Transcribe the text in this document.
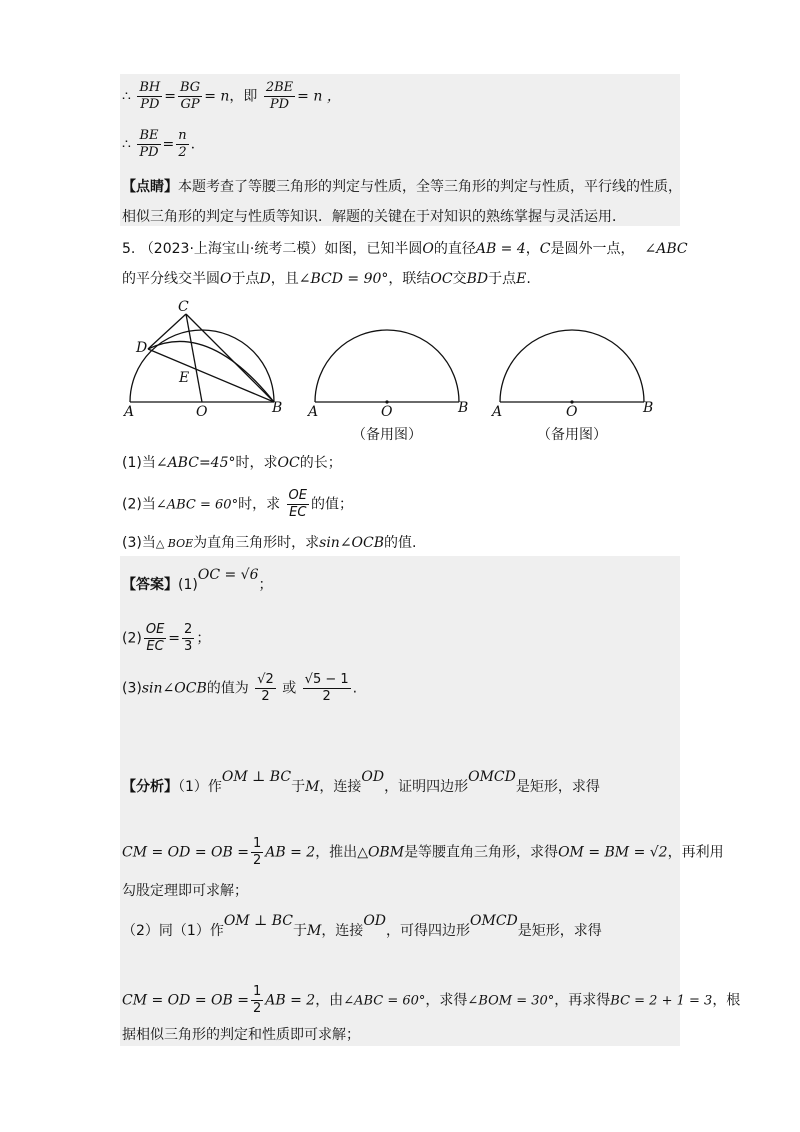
∴ $\frac{BH}{PD} = \frac{BG}{GP} = n$，即 $\frac{2BE}{PD} = n$ ，
∴ $\frac{BE}{PD} = \frac{n}{2}$ .
【点睛】本题考查了等腰三角形的判定与性质，全等三角形的判定与性质，平行线的性质，
相似三角形的判定与性质等知识．解题的关键在于对知识的熟练掌握与灵活运用．
5. （2023·上海宝山·统考二模）如图，已知半圆O的直径AB = 4，C是圆外一点， ∠ABC
的平分线交半圆O于点D，且∠BCD = 90°，联结OC交BD于点E.
A	O	B
C
D
E
A	O	B
（备用图）
A	O	B
（备用图）
(1)当∠ABC=45°时，求OC的长；
(2)当∠ABC = 60°时，求 $\frac{OE}{EC}$ 的值；
(3)当△ BOE为直角三角形时，求sin∠OCB的值.
【答案】(1)OC = √6；
$(2) \frac{OE}{EC} = \frac{2}{3}$ ；
(3)sin∠OCB的值为 $\frac{√2}{2}$ 或 $\frac{√5 - 1}{2}$ .
【分析】（1）作OM ⊥ BC于M，连接OD，证明四边形OMCD是矩形，求得
CM = OD = OB = $\frac{1}{2}$ AB = 2，推出△OBM是等腰直角三角形，求得OM = BM = √2，再利用
勾股定理即可求解；
（2）同（1）作OM ⊥ BC于M，连接OD，可得四边形OMCD是矩形，求得
CM = OD = OB = $\frac{1}{2}$ AB = 2，由∠ABC = 60°，求得∠BOM = 30°，再求得BC = 2 + 1 = 3，根
据相似三角形的判定和性质即可求解；
